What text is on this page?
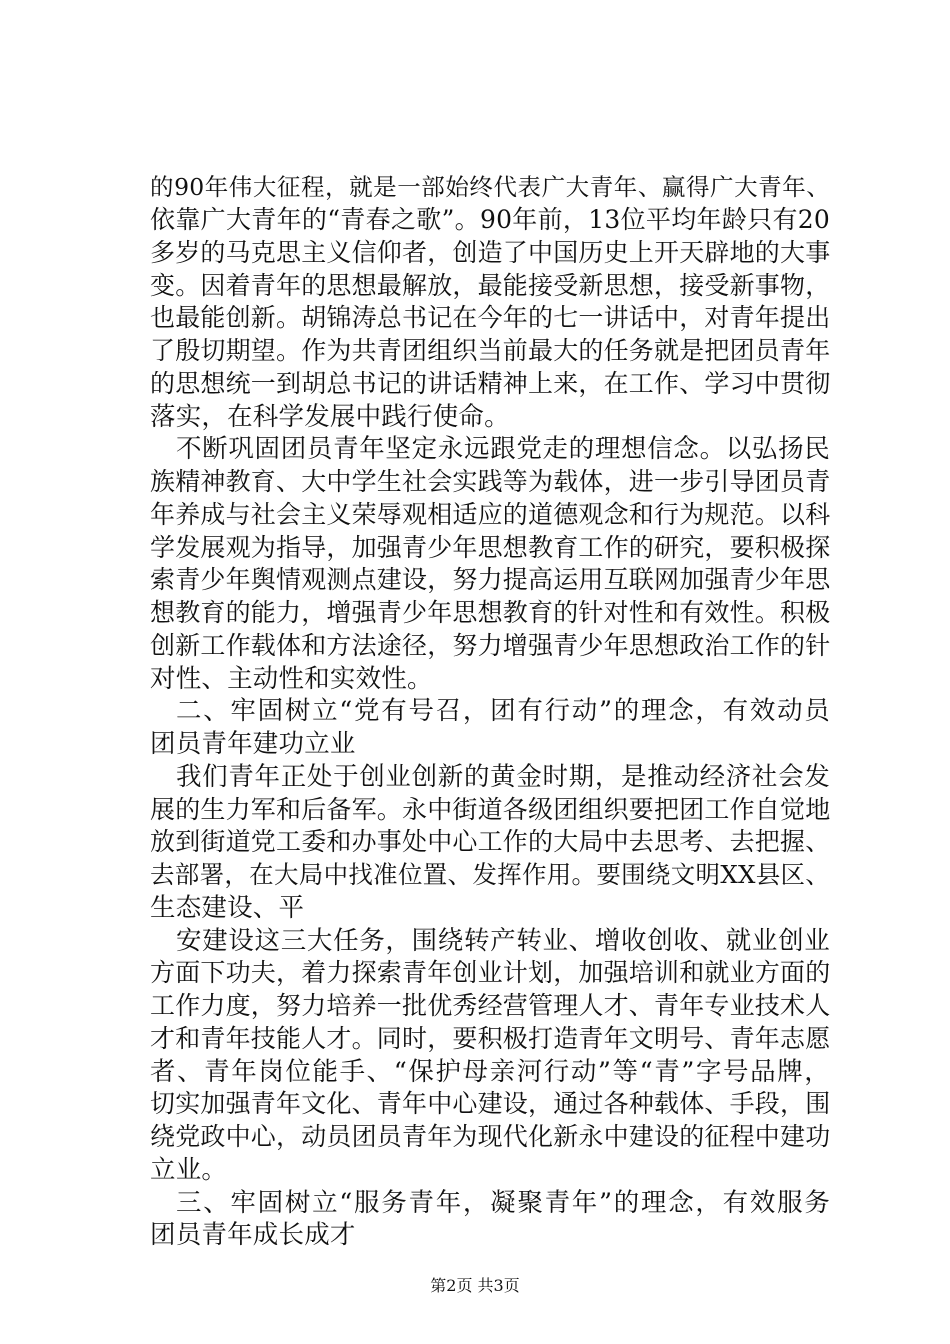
的90年伟大征程，就是一部始终代表广大青年、赢得广大青年、
依靠广大青年的“青春之歌”。90年前，13位平均年龄只有20
多岁的马克思主义信仰者，创造了中国历史上开天辟地的大事
变。因着青年的思想最解放，最能接受新思想，接受新事物，
也最能创新。胡锦涛总书记在今年的七一讲话中，对青年提出
了殷切期望。作为共青团组织当前最大的任务就是把团员青年
的思想统一到胡总书记的讲话精神上来，在工作、学习中贯彻
落实，在科学发展中践行使命。
不断巩固团员青年坚定永远跟党走的理想信念。以弘扬民
族精神教育、大中学生社会实践等为载体，进一步引导团员青
年养成与社会主义荣辱观相适应的道德观念和行为规范。以科
学发展观为指导，加强青少年思想教育工作的研究，要积极探
索青少年舆情观测点建设，努力提高运用互联网加强青少年思
想教育的能力，增强青少年思想教育的针对性和有效性。积极
创新工作载体和方法途径，努力增强青少年思想政治工作的针
对性、主动性和实效性。
二、牢固树立“党有号召，团有行动”的理念，有效动员
团员青年建功立业
我们青年正处于创业创新的黄金时期，是推动经济社会发
展的生力军和后备军。永中街道各级团组织要把团工作自觉地
放到街道党工委和办事处中心工作的大局中去思考、去把握、
去部署，在大局中找准位置、发挥作用。要围绕文明XX县区、
生态建设、平
安建设这三大任务，围绕转产转业、增收创收、就业创业
方面下功夫，着力探索青年创业计划，加强培训和就业方面的
工作力度，努力培养一批优秀经营管理人才、青年专业技术人
才和青年技能人才。同时，要积极打造青年文明号、青年志愿
者、青年岗位能手、“保护母亲河行动”等“青”字号品牌，
切实加强青年文化、青年中心建设，通过各种载体、手段，围
绕党政中心，动员团员青年为现代化新永中建设的征程中建功
立业。
三、牢固树立“服务青年，凝聚青年”的理念，有效服务
团员青年成长成才
第2页 共3页
